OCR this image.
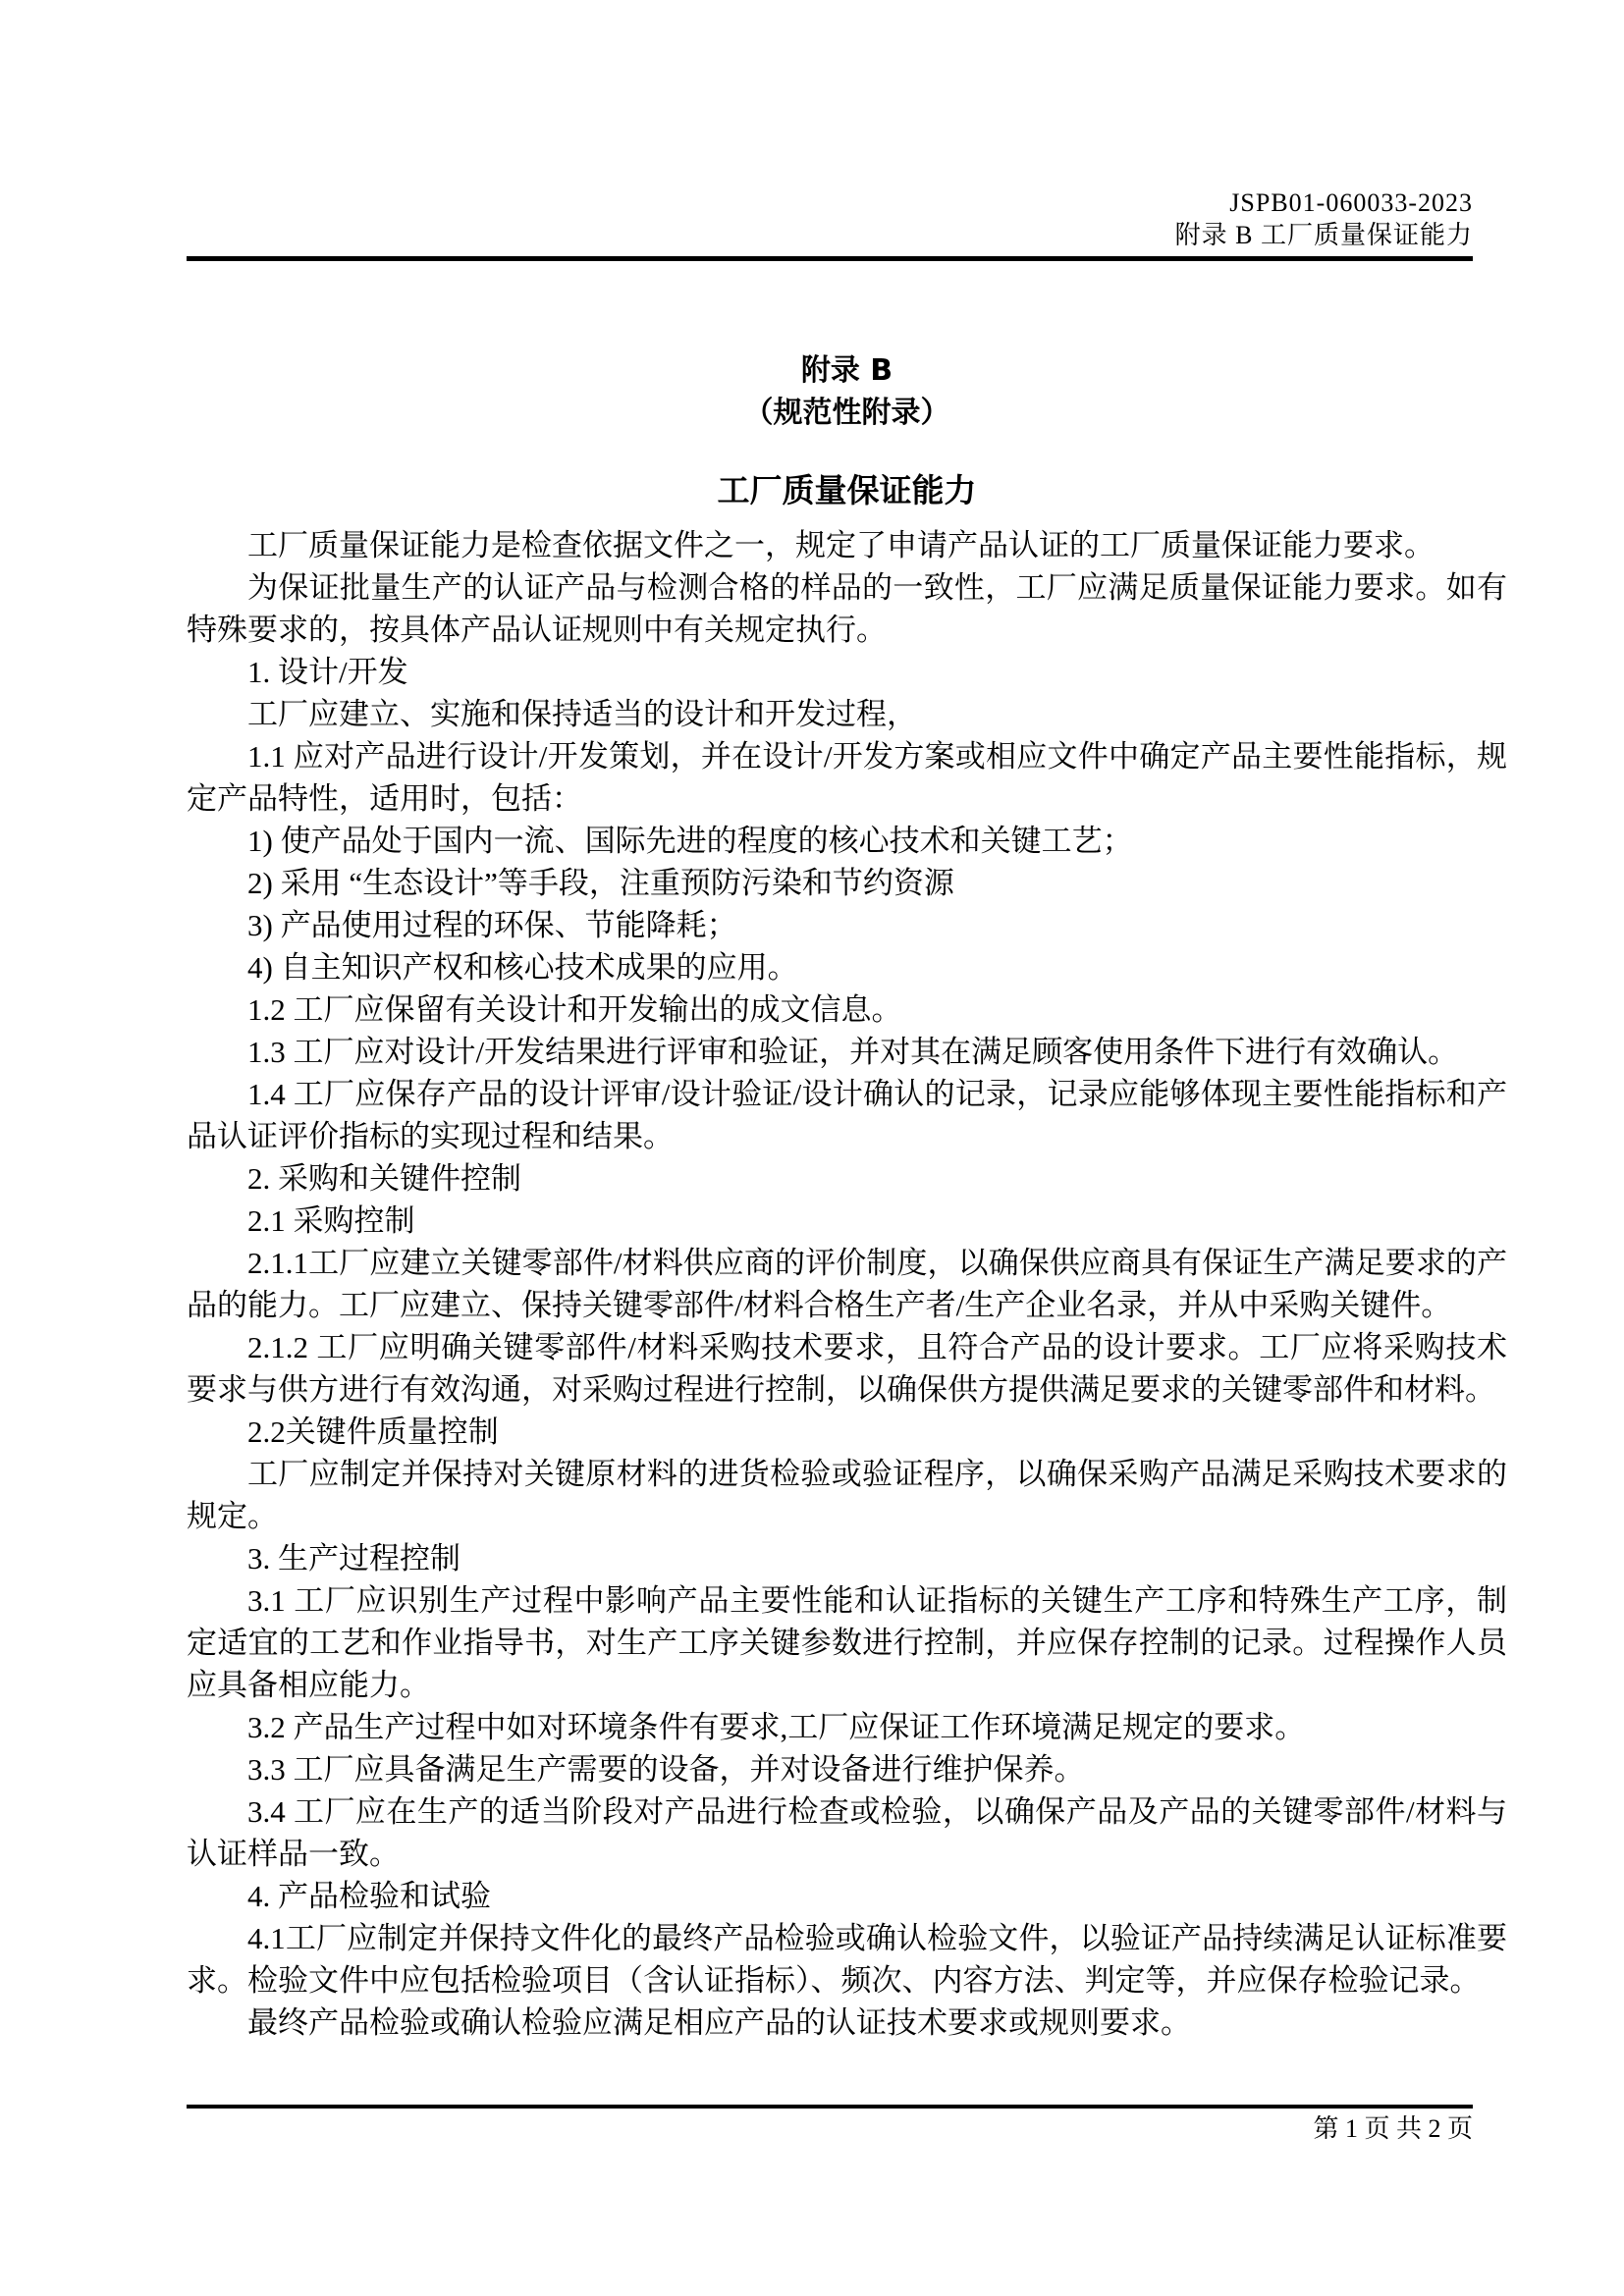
JSPB01-060033-2023
附录 B 工厂质量保证能力
附录 B
（规范性附录）
工厂质量保证能力

工厂质量保证能力是检查依据文件之一，规定了申请产品认证的工厂质量保证能力要求。

为保证批量生产的认证产品与检测合格的样品的一致性，工厂应满足质量保证能力要求。如有特殊要求的，按具体产品认证规则中有关规定执行。

1. 设计/开发

工厂应建立、实施和保持适当的设计和开发过程，

1.1 应对产品进行设计/开发策划，并在设计/开发方案或相应文件中确定产品主要性能指标，规定产品特性，适用时，包括：

1) 使产品处于国内一流、国际先进的程度的核心技术和关键工艺；

2) 采用 “生态设计”等手段，注重预防污染和节约资源

3) 产品使用过程的环保、节能降耗；

4) 自主知识产权和核心技术成果的应用。

1.2 工厂应保留有关设计和开发输出的成文信息。

1.3 工厂应对设计/开发结果进行评审和验证，并对其在满足顾客使用条件下进行有效确认。

1.4 工厂应保存产品的设计评审/设计验证/设计确认的记录，记录应能够体现主要性能指标和产品认证评价指标的实现过程和结果。

2. 采购和关键件控制

2.1 采购控制

2.1.1工厂应建立关键零部件/材料供应商的评价制度，以确保供应商具有保证生产满足要求的产品的能力。工厂应建立、保持关键零部件/材料合格生产者/生产企业名录，并从中采购关键件。

2.1.2 工厂应明确关键零部件/材料采购技术要求，且符合产品的设计要求。工厂应将采购技术要求与供方进行有效沟通，对采购过程进行控制，以确保供方提供满足要求的关键零部件和材料。

2.2关键件质量控制

工厂应制定并保持对关键原材料的进货检验或验证程序，以确保采购产品满足采购技术要求的规定。

3. 生产过程控制

3.1 工厂应识别生产过程中影响产品主要性能和认证指标的关键生产工序和特殊生产工序，制定适宜的工艺和作业指导书，对生产工序关键参数进行控制，并应保存控制的记录。过程操作人员应具备相应能力。

3.2 产品生产过程中如对环境条件有要求,工厂应保证工作环境满足规定的要求。

3.3 工厂应具备满足生产需要的设备，并对设备进行维护保养。

3.4 工厂应在生产的适当阶段对产品进行检查或检验，以确保产品及产品的关键零部件/材料与认证样品一致。

4. 产品检验和试验

4.1工厂应制定并保持文件化的最终产品检验或确认检验文件，以验证产品持续满足认证标准要求。检验文件中应包括检验项目（含认证指标）、频次、内容方法、判定等，并应保存检验记录。

最终产品检验或确认检验应满足相应产品的认证技术要求或规则要求。

第 1 页 共 2 页
